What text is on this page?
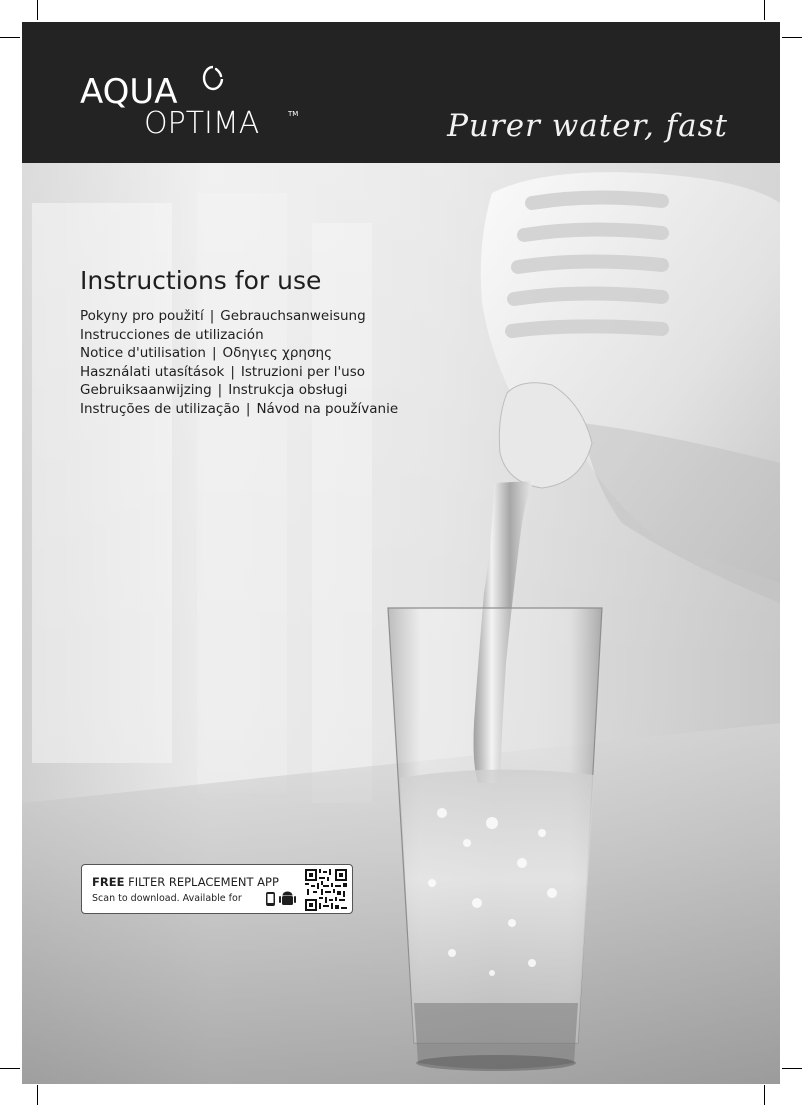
AQUA
OPTIMA	TM	Purer water, fast
Instructions for use
Pokyny pro použití | Gebrauchsanweisung
Instrucciones de utilización
Notice d'utilisation | Οδηγιες χρησης
Használati utasítások | Istruzioni per l'uso
Gebruiksaanwijzing | Instrukcja obsługi
Instruções de utilização | Návod na používanie
FREE FILTER REPLACEMENT APP
Scan to download. Available for
